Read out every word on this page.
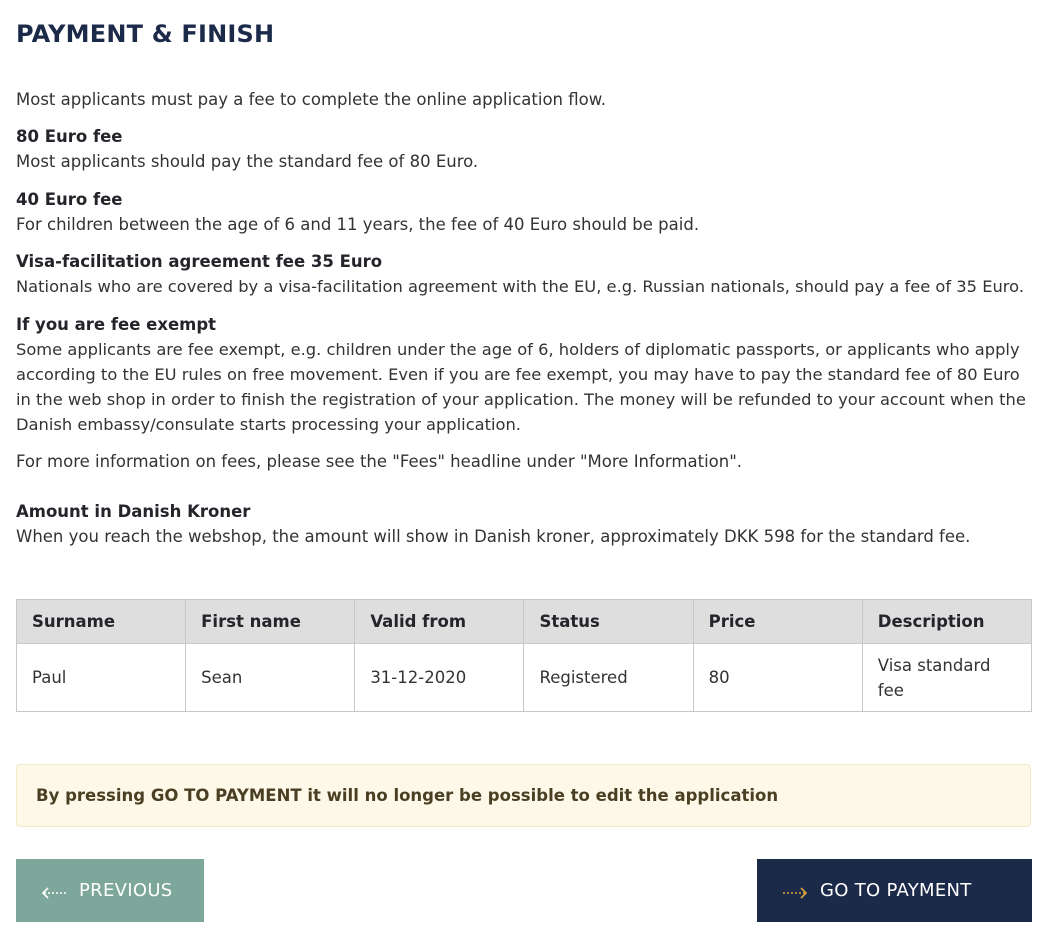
PAYMENT & FINISH

Most applicants must pay a fee to complete the online application flow.

80 Euro fee

Most applicants should pay the standard fee of 80 Euro.

40 Euro fee

For children between the age of 6 and 11 years, the fee of 40 Euro should be paid.

Visa-facilitation agreement fee 35 Euro

Nationals who are covered by a visa-facilitation agreement with the EU, e.g. Russian nationals, should pay a fee of 35 Euro.

If you are fee exempt

Some applicants are fee exempt, e.g. children under the age of 6, holders of diplomatic passports, or applicants who apply according to the EU rules on free movement. Even if you are fee exempt, you may have to pay the standard fee of 80 Euro in the web shop in order to finish the registration of your application. The money will be refunded to your account when the Danish embassy/consulate starts processing your application.

For more information on fees, please see the "Fees" headline under "More Information".

Amount in Danish Kroner

When you reach the webshop, the amount will show in Danish kroner, approximately DKK 598 for the standard fee.

Surname	First name	Valid from	Status	Price	Description
Paul	Sean	31-12-2020	Registered	80	Visa standard fee
By pressing GO TO PAYMENT it will no longer be possible to edit the application
PREVIOUS	GO TO PAYMENT
